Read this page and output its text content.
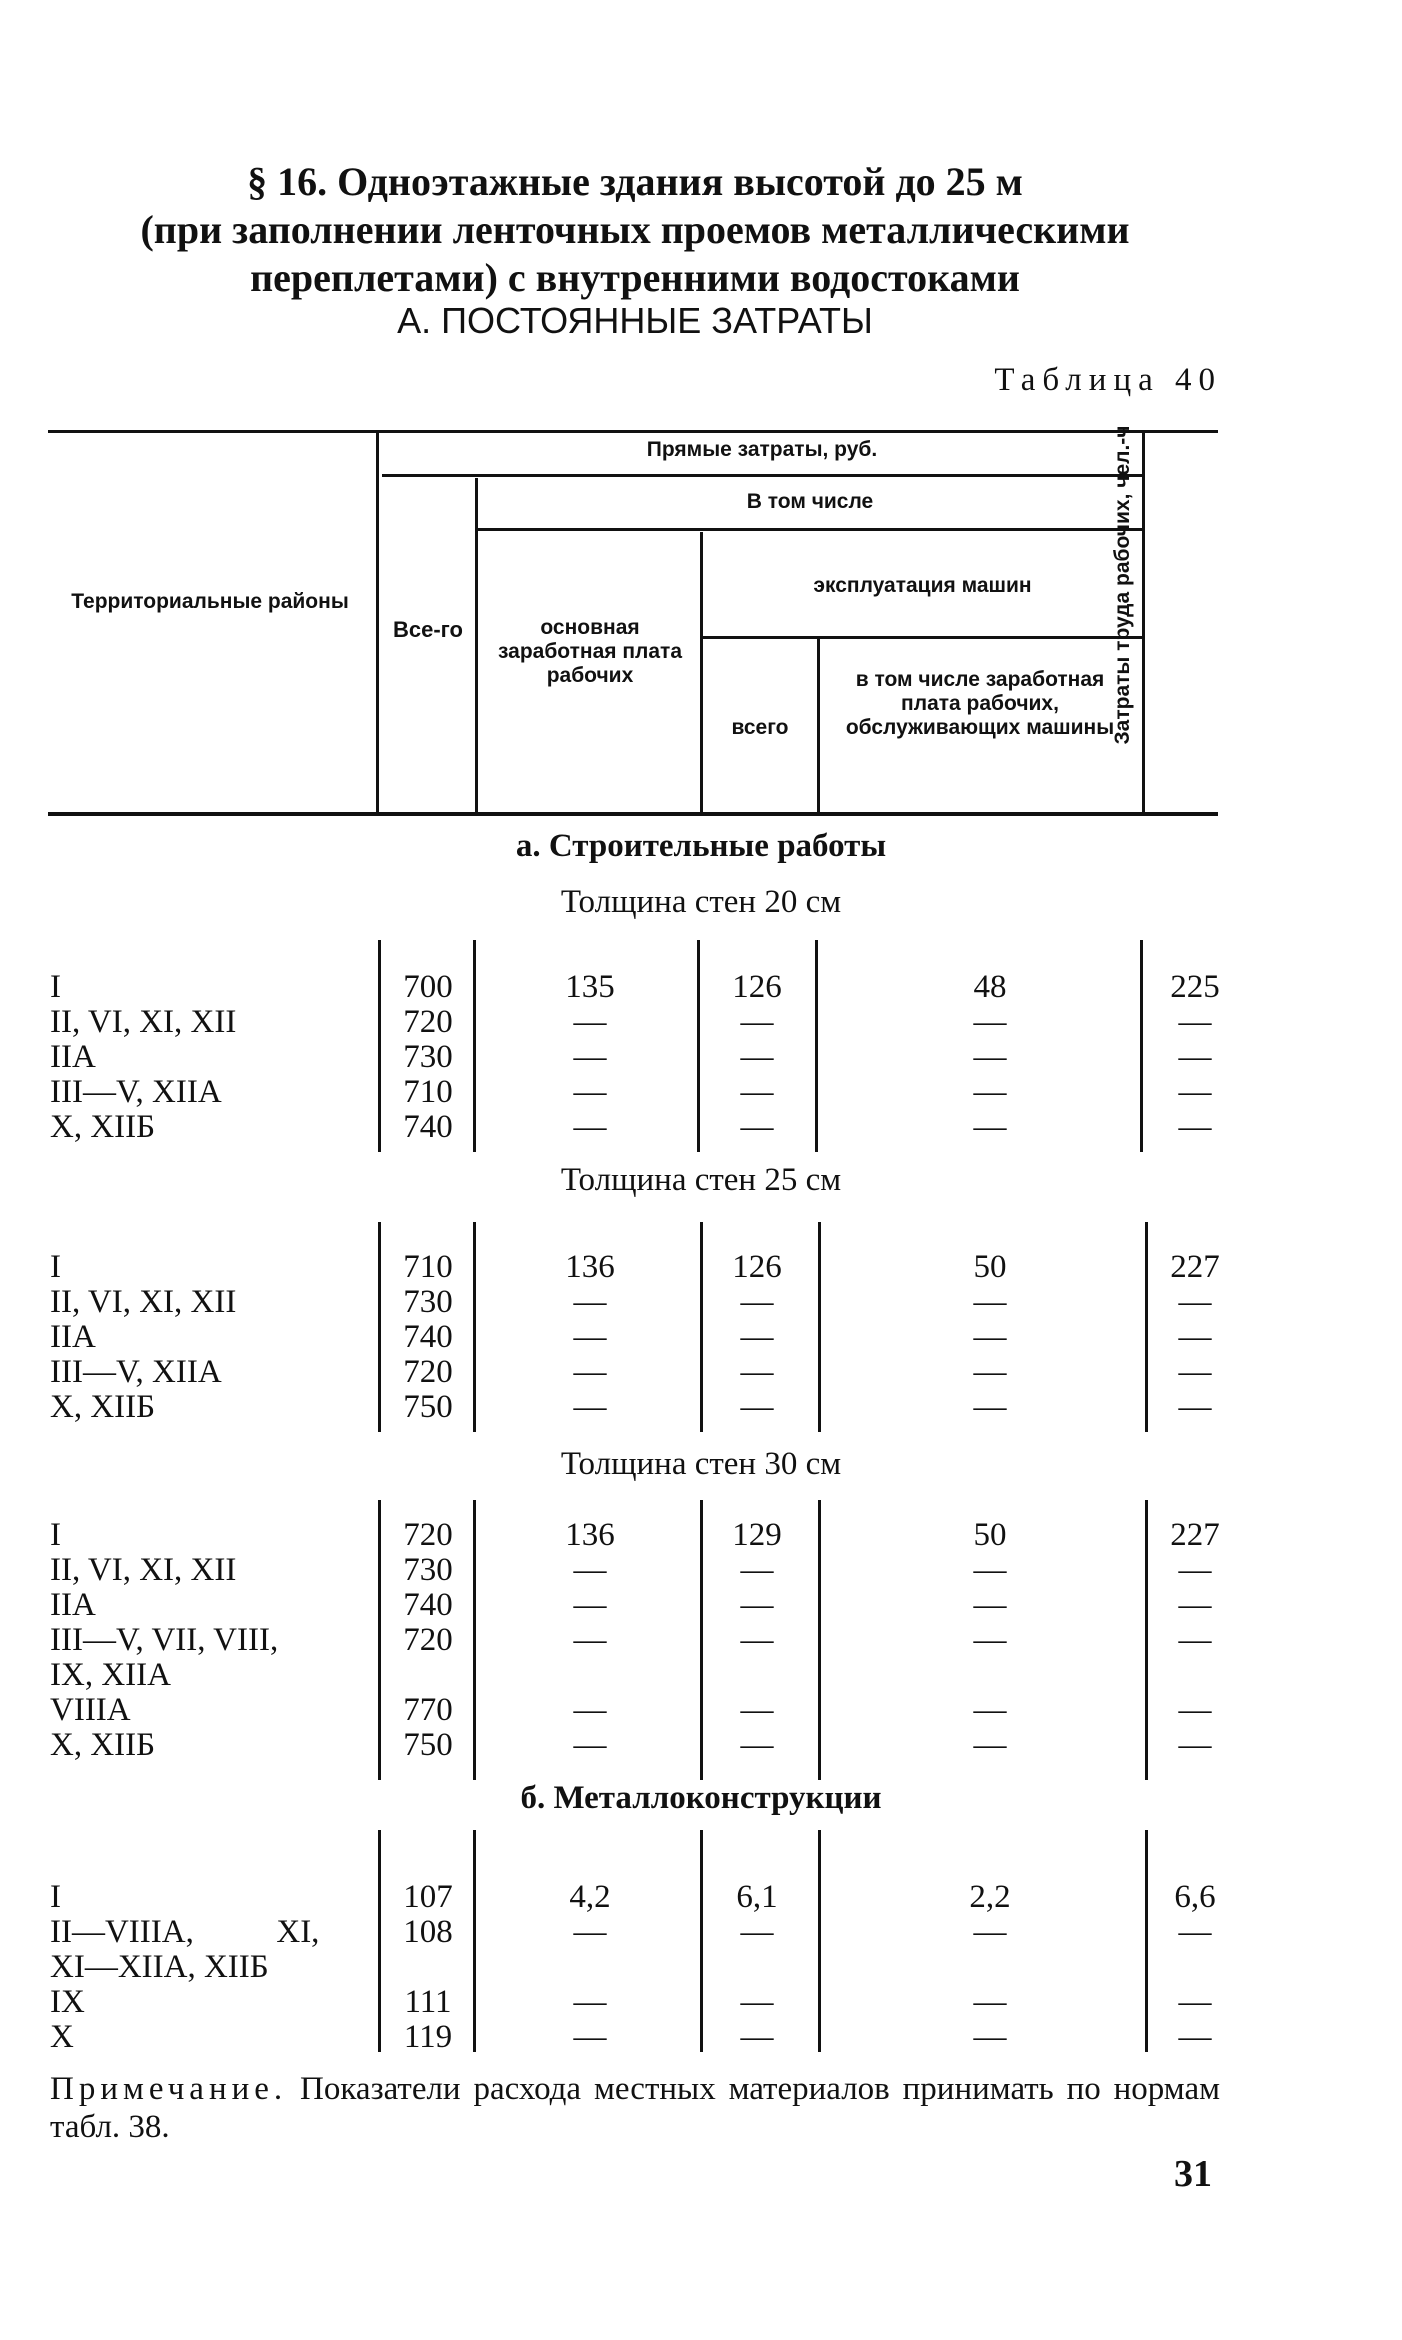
§ 16. Одноэтажные здания высотой до 25 м
(при заполнении ленточных проемов металлическими
переплетами) с внутренними водостоками
А. ПОСТОЯННЫЕ ЗАТРАТЫ
Таблица 40
Территориальные районы
Прямые затраты, руб.
Все-го
В том числе
основная заработная плата рабочих
эксплуатация машин
всего
в том числе заработная плата рабочих, обслуживающих машины
Затраты труда рабочих, чел.-ч
а. Строительные работы
Толщина стен 20 см
I	700	135	126	48	225
II, VI, XI, XII	720	—	—	—	—
IIА	730	—	—	—	—
III—V, XIIА	710	—	—	—	—
X, XIIБ	740	—	—	—	—
Толщина стен 25 см
I	710	136	126	50	227
II, VI, XI, XII	730	—	—	—	—
IIА	740	—	—	—	—
III—V, XIIА	720	—	—	—	—
X, XIIБ	750	—	—	—	—
Толщина стен 30 см
I	720	136	129	50	227
II, VI, XI, XII	730	—	—	—	—
IIА	740	—	—	—	—
III—V, VII, VIII,	720	—	—	—	—
IX, XIIА
VIIIА	770	—	—	—	—
X, XIIБ	750	—	—	—	—
б. Металлоконструкции
I	107	4,2	6,1	2,2	6,6
II—VIIIА,          XI,	108	—	—	—	—
XI—XIIА, XIIБ
IX	111	—	—	—	—
X	119	—	—	—	—
Примечание. Показатели расхода местных материалов принимать по нормам табл. 38.
31
